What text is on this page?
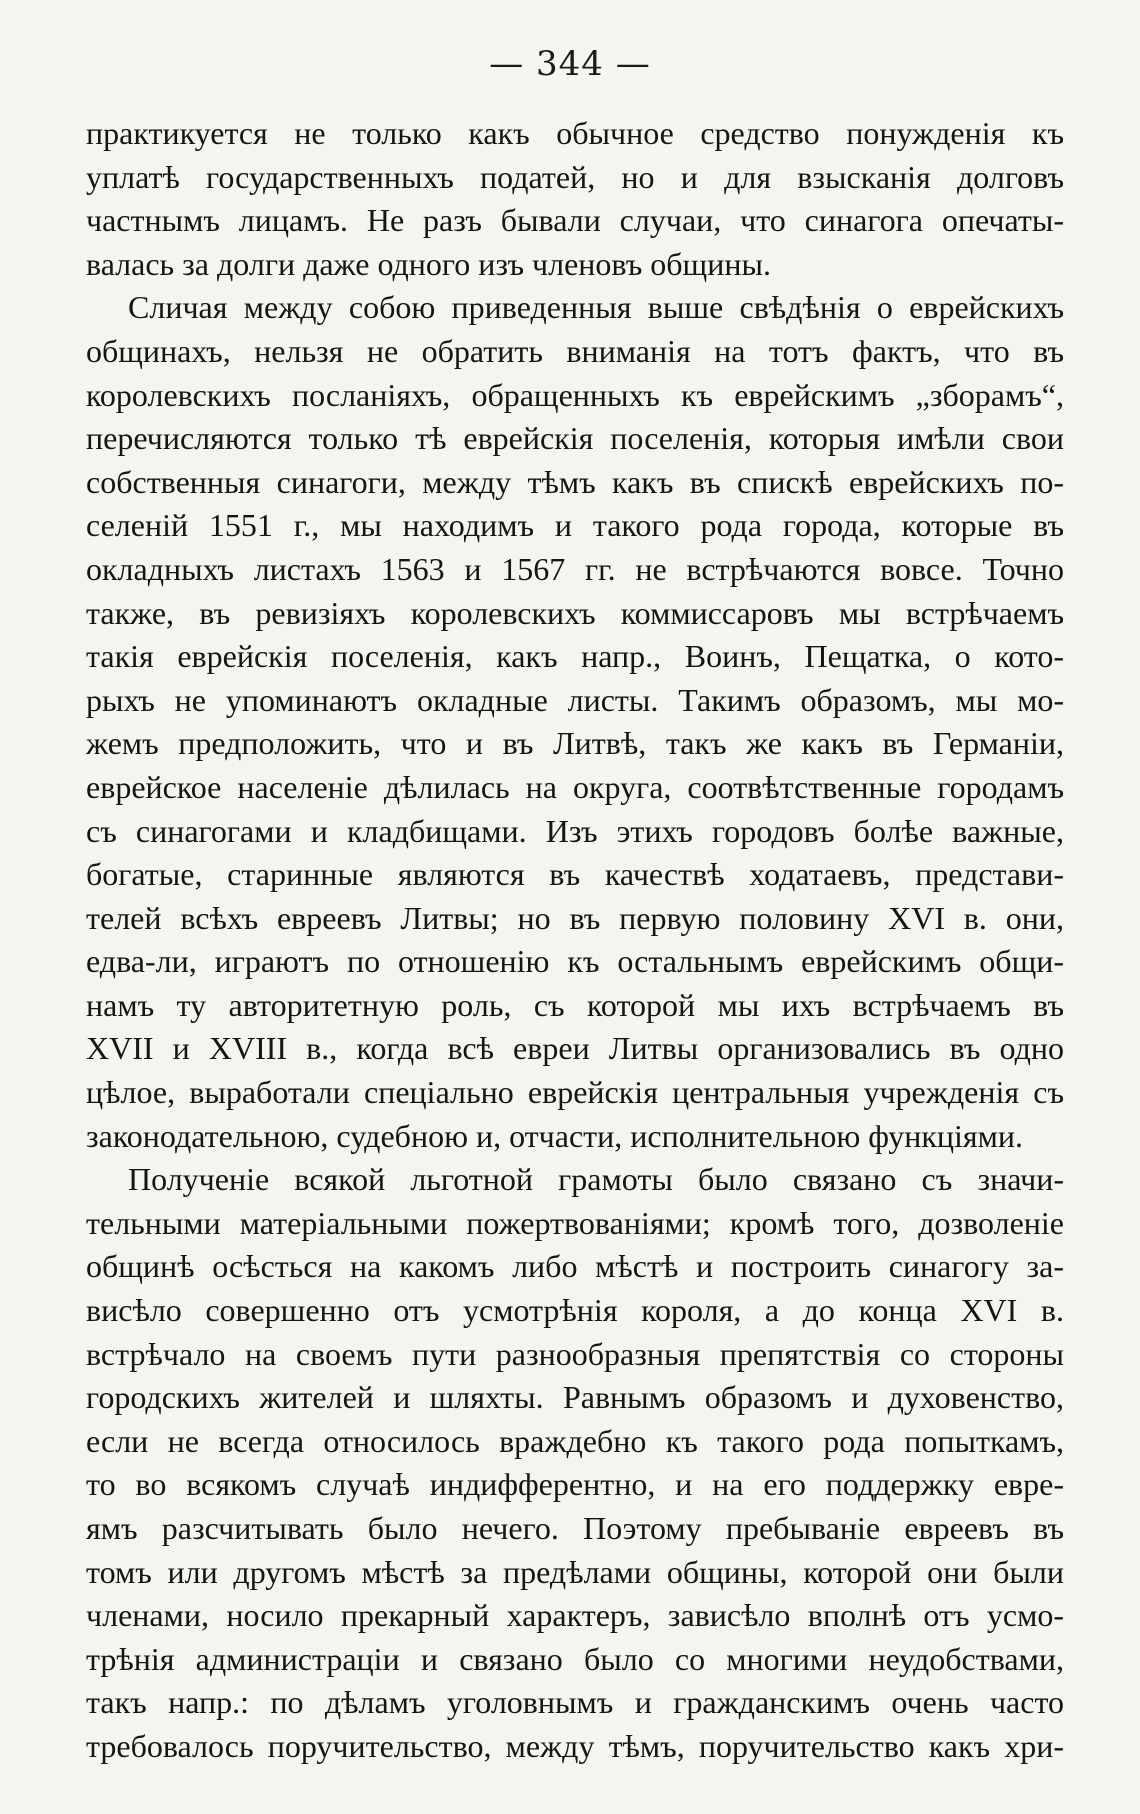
— 344 —
практикуется не только какъ обычное средство понужденія къ
уплатѣ государственныхъ податей, но и для взысканія долговъ
частнымъ лицамъ. Не разъ бывали случаи, что синагога опечаты-
валась за долги даже одного изъ членовъ общины.
Сличая между собою приведенныя выше свѣдѣнія о еврейскихъ
общинахъ, нельзя не обратить вниманія на тотъ фактъ, что въ
королевскихъ посланіяхъ, обращенныхъ къ еврейскимъ „зборамъ“,
перечисляются только тѣ еврейскія поселенія, которыя имѣли свои
собственныя синагоги, между тѣмъ какъ въ спискѣ еврейскихъ по-
селеній 1551 г., мы находимъ и такого рода города, которые въ
окладныхъ листахъ 1563 и 1567 гг. не встрѣчаются вовсе. Точно
также, въ ревизіяхъ королевскихъ коммиссаровъ мы встрѣчаемъ
такія еврейскія поселенія, какъ напр., Воинъ, Пещатка, о кото-
рыхъ не упоминаютъ окладные листы. Такимъ образомъ, мы мо-
жемъ предположить, что и въ Литвѣ, такъ же какъ въ Германіи,
еврейское населеніе дѣлилась на округа, соотвѣтственные городамъ
съ синагогами и кладбищами. Изъ этихъ городовъ болѣе важные,
богатые, старинные являются въ качествѣ ходатаевъ, представи-
телей всѣхъ евреевъ Литвы; но въ первую половину XVI в. они,
едва-ли, играютъ по отношенію къ остальнымъ еврейскимъ общи-
намъ ту авторитетную роль, съ которой мы ихъ встрѣчаемъ въ
XVII и XVIII в., когда всѣ евреи Литвы организовались въ одно
цѣлое, выработали спеціально еврейскія центральныя учрежденія съ
законодательною, судебною и, отчасти, исполнительною функціями.
Полученіе всякой льготной грамоты было связано съ значи-
тельными матеріальными пожертвованіями; кромѣ того, дозволеніе
общинѣ осѣсться на какомъ либо мѣстѣ и построить синагогу за-
висѣло совершенно отъ усмотрѣнія короля, а до конца XVI в.
встрѣчало на своемъ пути разнообразныя препятствія со стороны
городскихъ жителей и шляхты. Равнымъ образомъ и духовенство,
если не всегда относилось враждебно къ такого рода попыткамъ,
то во всякомъ случаѣ индифферентно, и на его поддержку евре-
ямъ разсчитывать было нечего. Поэтому пребываніе евреевъ въ
томъ или другомъ мѣстѣ за предѣлами общины, которой они были
членами, носило прекарный характеръ, зависѣло вполнѣ отъ усмо-
трѣнія администраціи и связано было со многими неудобствами,
такъ напр.: по дѣламъ уголовнымъ и гражданскимъ очень часто
требовалось поручительство, между тѣмъ, поручительство какъ хри-
